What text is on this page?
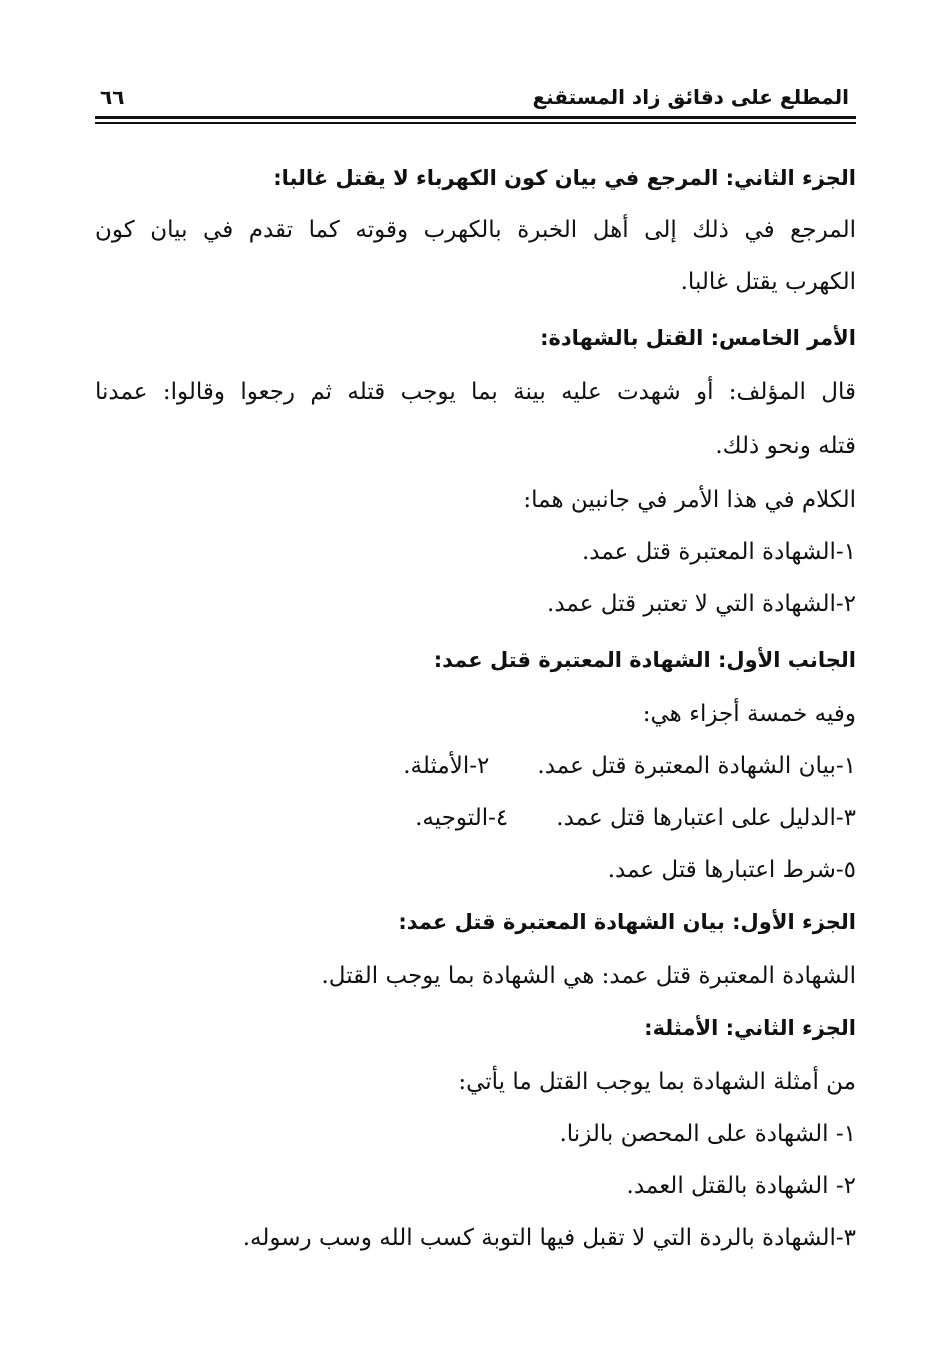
٦٦	المطلع على دقائق زاد المستقنع
الجزء الثاني: المرجع في بيان كون الكهرباء لا يقتل غالبا:
المرجع في ذلك إلى أهل الخبرة بالكهرب وقوته كما تقدم في بيان كون
الكهرب يقتل غالبا.
الأمر الخامس: القتل بالشهادة:
قال المؤلف: أو شهدت عليه بينة بما يوجب قتله ثم رجعوا وقالوا: عمدنا
قتله ونحو ذلك.
الكلام في هذا الأمر في جانبين هما:
١-الشهادة المعتبرة قتل عمد.
٢-الشهادة التي لا تعتبر قتل عمد.
الجانب الأول: الشهادة المعتبرة قتل عمد:
وفيه خمسة أجزاء هي:
١-بيان الشهادة المعتبرة قتل عمد.٢-الأمثلة.
٣-الدليل على اعتبارها قتل عمد.٤-التوجيه.
٥-شرط اعتبارها قتل عمد.
الجزء الأول: بيان الشهادة المعتبرة قتل عمد:
الشهادة المعتبرة قتل عمد: هي الشهادة بما يوجب القتل.
الجزء الثاني: الأمثلة:
من أمثلة الشهادة بما يوجب القتل ما يأتي:
١- الشهادة على المحصن بالزنا.
٢- الشهادة بالقتل العمد.
٣-الشهادة بالردة التي لا تقبل فيها التوبة كسب الله وسب رسوله.
